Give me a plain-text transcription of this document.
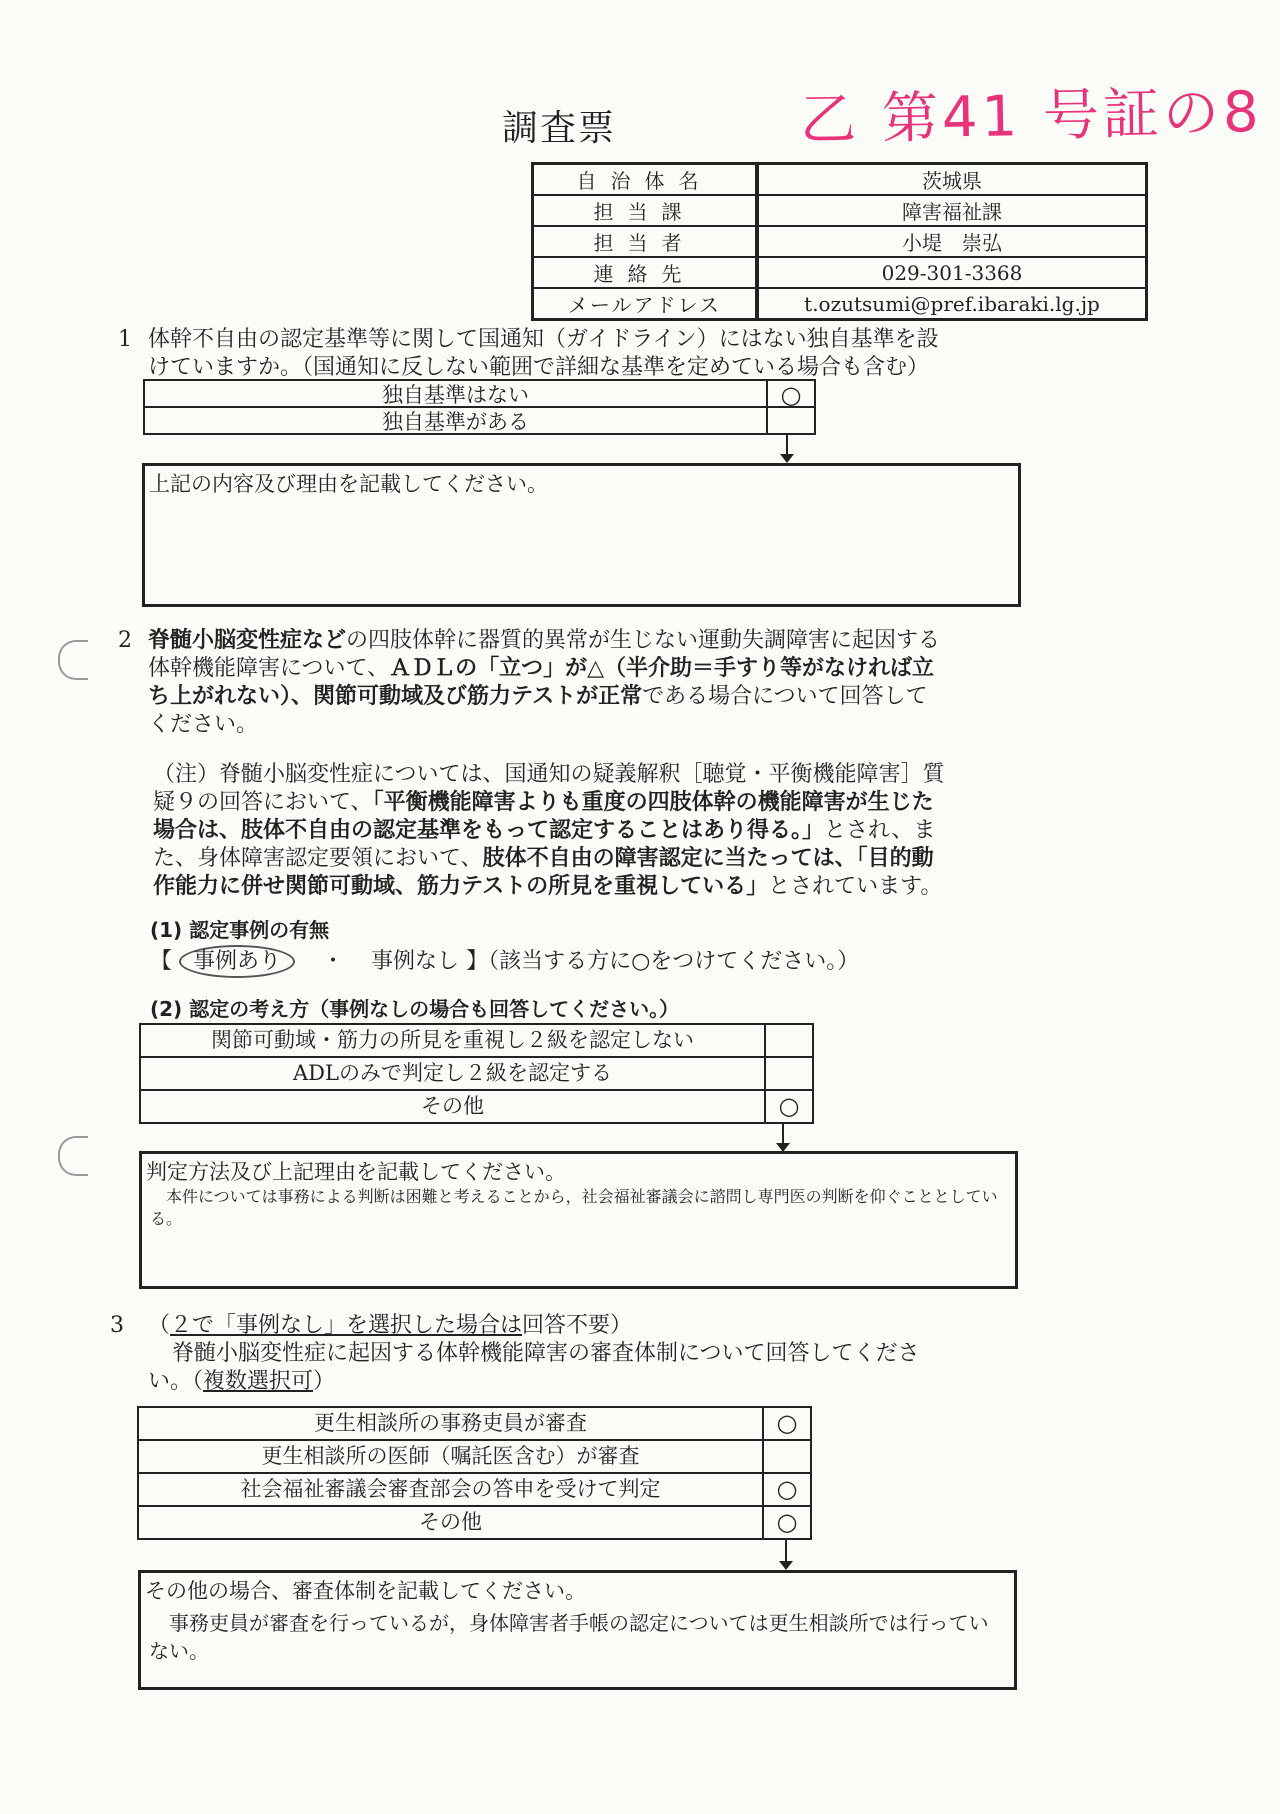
調査票	乙 第41 号証の8
自治体名	茨城県
担当課	障害福祉課
担当者	小堤　崇弘
連絡先	029-301-3368
メールアドレス	t.ozutsumi@pref.ibaraki.lg.jp
1 体幹不自由の認定基準等に関して国通知（ガイドライン）にはない独自基準を設
けていますか。（国通知に反しない範囲で詳細な基準を定めている場合も含む）
独自基準はない	○
独自基準がある
上記の内容及び理由を記載してください。
2 脊髄小脳変性症などの四肢体幹に器質的異常が生じない運動失調障害に起因する
体幹機能障害について、ＡＤＬの「立つ」が△（半介助＝手すり等がなければ立
ち上がれない）、関節可動域及び筋力テストが正常である場合について回答して
ください。
（注）脊髄小脳変性症については、国通知の疑義解釈［聴覚・平衡機能障害］質
疑９の回答において、「平衡機能障害よりも重度の四肢体幹の機能障害が生じた
場合は、肢体不自由の認定基準をもって認定することはあり得る。」とされ、ま
た、身体障害認定要領において、肢体不自由の障害認定に当たっては、「目的動
作能力に併せ関節可動域、筋力テストの所見を重視している」とされています。
(1) 認定事例の有無
【 事例あり ・ 事例なし 】（該当する方に○をつけてください。）
(2) 認定の考え方（事例なしの場合も回答してください。）
関節可動域・筋力の所見を重視し２級を認定しない
ADLのみで判定し２級を認定する
その他	○
判定方法及び上記理由を記載してください。
本件については事務による判断は困難と考えることから，社会福祉審議会に諮問し専門医の判断を仰ぐこととしている。
3 （２で「事例なし」を選択した場合は回答不要）
脊髄小脳変性症に起因する体幹機能障害の審査体制について回答してくださ
い。（複数選択可）
更生相談所の事務吏員が審査	○
更生相談所の医師（嘱託医含む）が審査
社会福祉審議会審査部会の答申を受けて判定	○
その他	○
その他の場合、審査体制を記載してください。
事務吏員が審査を行っているが，身体障害者手帳の認定については更生相談所では行っていない。
